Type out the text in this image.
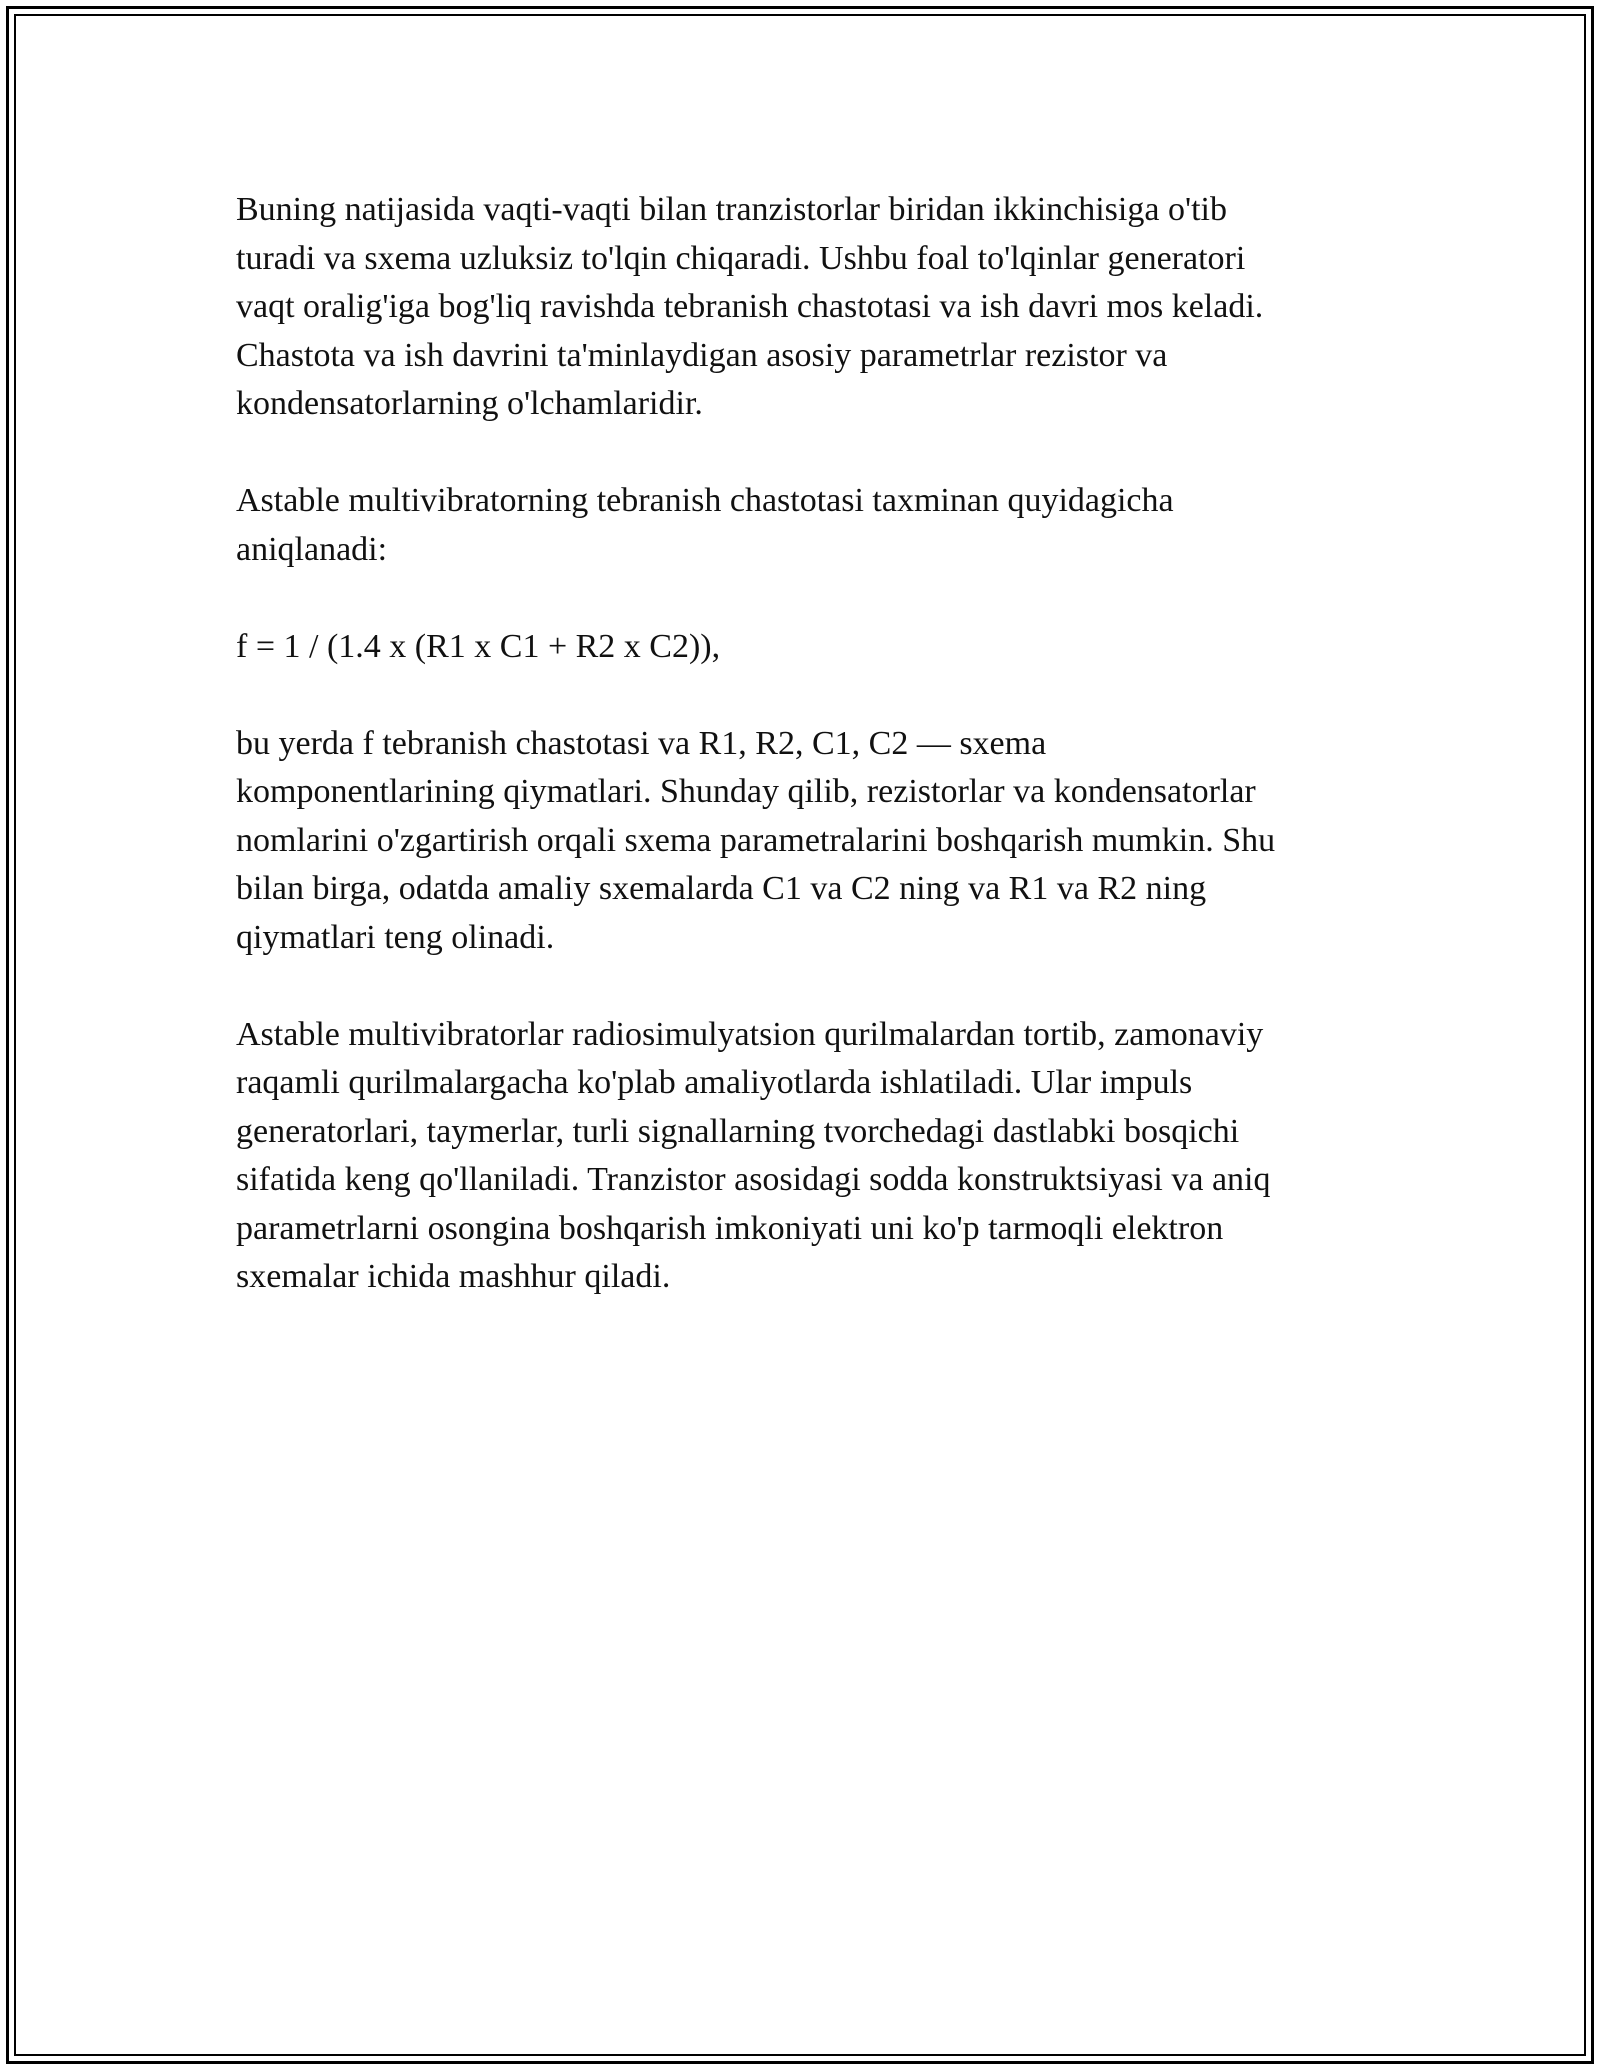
Buning natijasida vaqti-vaqti bilan tranzistorlar biridan ikkinchisiga o'tib
turadi va sxema uzluksiz to'lqin chiqaradi. Ushbu foal to'lqinlar generatori
vaqt oralig'iga bog'liq ravishda tebranish chastotasi va ish davri mos keladi.
Chastota va ish davrini ta'minlaydigan asosiy parametrlar rezistor va
kondensatorlarning o'lchamlaridir.

Astable multivibratorning tebranish chastotasi taxminan quyidagicha
aniqlanadi:

f = 1 / (1.4 x (R1 x C1 + R2 x C2)),

bu yerda f tebranish chastotasi va R1, R2, C1, C2 — sxema
komponentlarining qiymatlari. Shunday qilib, rezistorlar va kondensatorlar
nomlarini o'zgartirish orqali sxema parametralarini boshqarish mumkin. Shu
bilan birga, odatda amaliy sxemalarda C1 va C2 ning va R1 va R2 ning
qiymatlari teng olinadi.

Astable multivibratorlar radiosimulyatsion qurilmalardan tortib, zamonaviy
raqamli qurilmalargacha ko'plab amaliyotlarda ishlatiladi. Ular impuls
generatorlari, taymerlar, turli signallarning tvorchedagi dastlabki bosqichi
sifatida keng qo'llaniladi. Tranzistor asosidagi sodda konstruktsiyasi va aniq
parametrlarni osongina boshqarish imkoniyati uni ko'p tarmoqli elektron
sxemalar ichida mashhur qiladi.
